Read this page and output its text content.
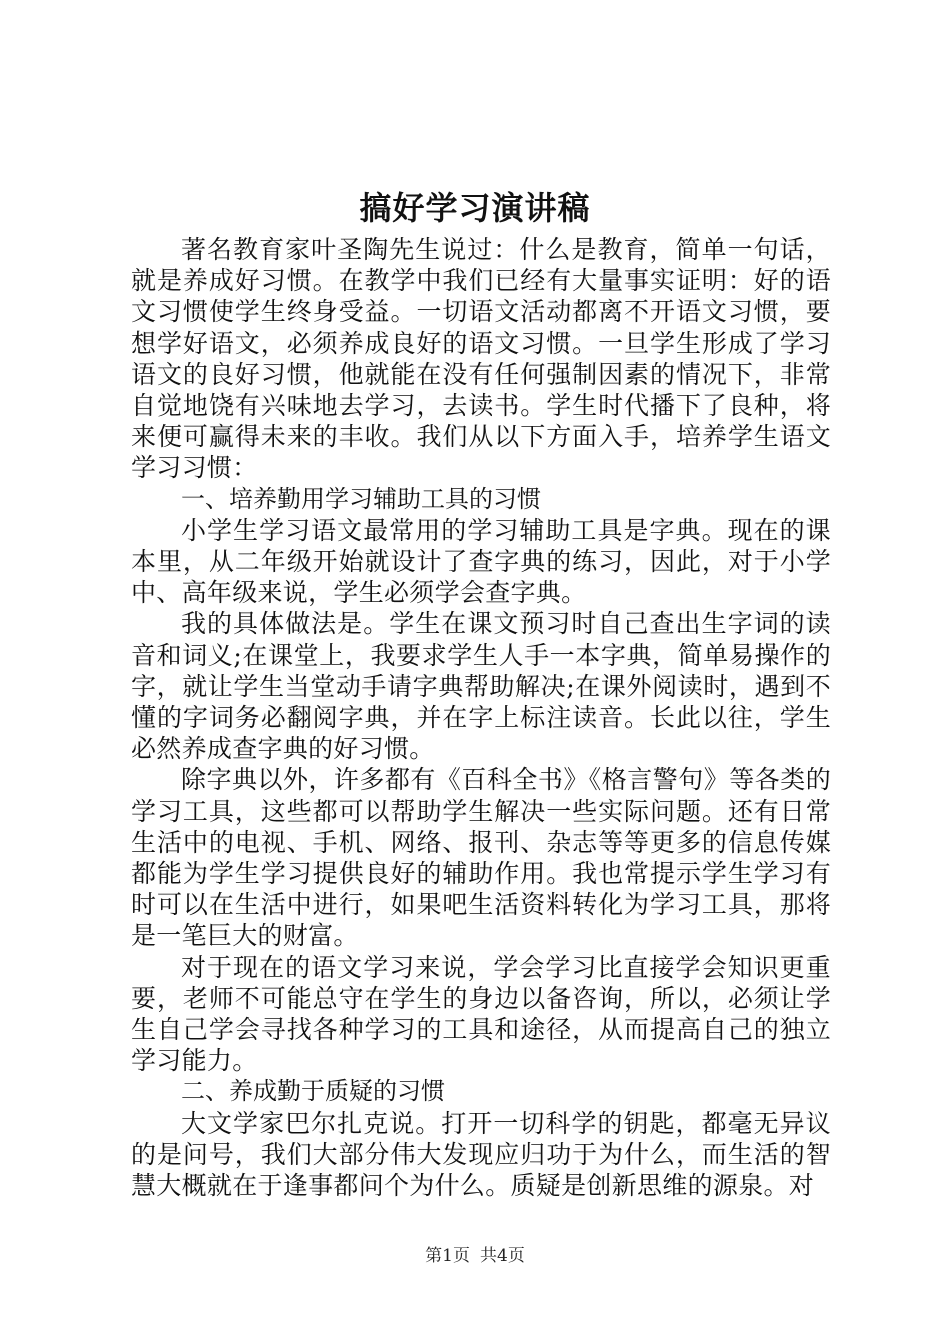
搞好学习演讲稿

著名教育家叶圣陶先生说过：什么是教育，简单一句话，就是养成好习惯。在教学中我们已经有大量事实证明：好的语文习惯使学生终身受益。一切语文活动都离不开语文习惯，要想学好语文，必须养成良好的语文习惯。一旦学生形成了学习语文的良好习惯，他就能在没有任何强制因素的情况下，非常自觉地饶有兴味地去学习，去读书。学生时代播下了良种，将来便可赢得未来的丰收。我们从以下方面入手，培养学生语文学习习惯：

一、培养勤用学习辅助工具的习惯

小学生学习语文最常用的学习辅助工具是字典。现在的课本里，从二年级开始就设计了查字典的练习，因此，对于小学中、高年级来说，学生必须学会查字典。

我的具体做法是。学生在课文预习时自己查出生字词的读音和词义;在课堂上，我要求学生人手一本字典，简单易操作的字，就让学生当堂动手请字典帮助解决;在课外阅读时，遇到不懂的字词务必翻阅字典，并在字上标注读音。长此以往，学生必然养成查字典的好习惯。

除字典以外，许多都有《百科全书》《格言警句》等各类的学习工具，这些都可以帮助学生解决一些实际问题。还有日常生活中的电视、手机、网络、报刊、杂志等等更多的信息传媒都能为学生学习提供良好的辅助作用。我也常提示学生学习有时可以在生活中进行，如果吧生活资料转化为学习工具，那将是一笔巨大的财富。

对于现在的语文学习来说，学会学习比直接学会知识更重要，老师不可能总守在学生的身边以备咨询，所以，必须让学生自己学会寻找各种学习的工具和途径，从而提高自己的独立学习能力。

二、养成勤于质疑的习惯

大文学家巴尔扎克说。打开一切科学的钥匙，都毫无异议的是问号，我们大部分伟大发现应归功于为什么，而生活的智慧大概就在于逢事都问个为什么。质疑是创新思维的源泉。对

第1页 共4页
